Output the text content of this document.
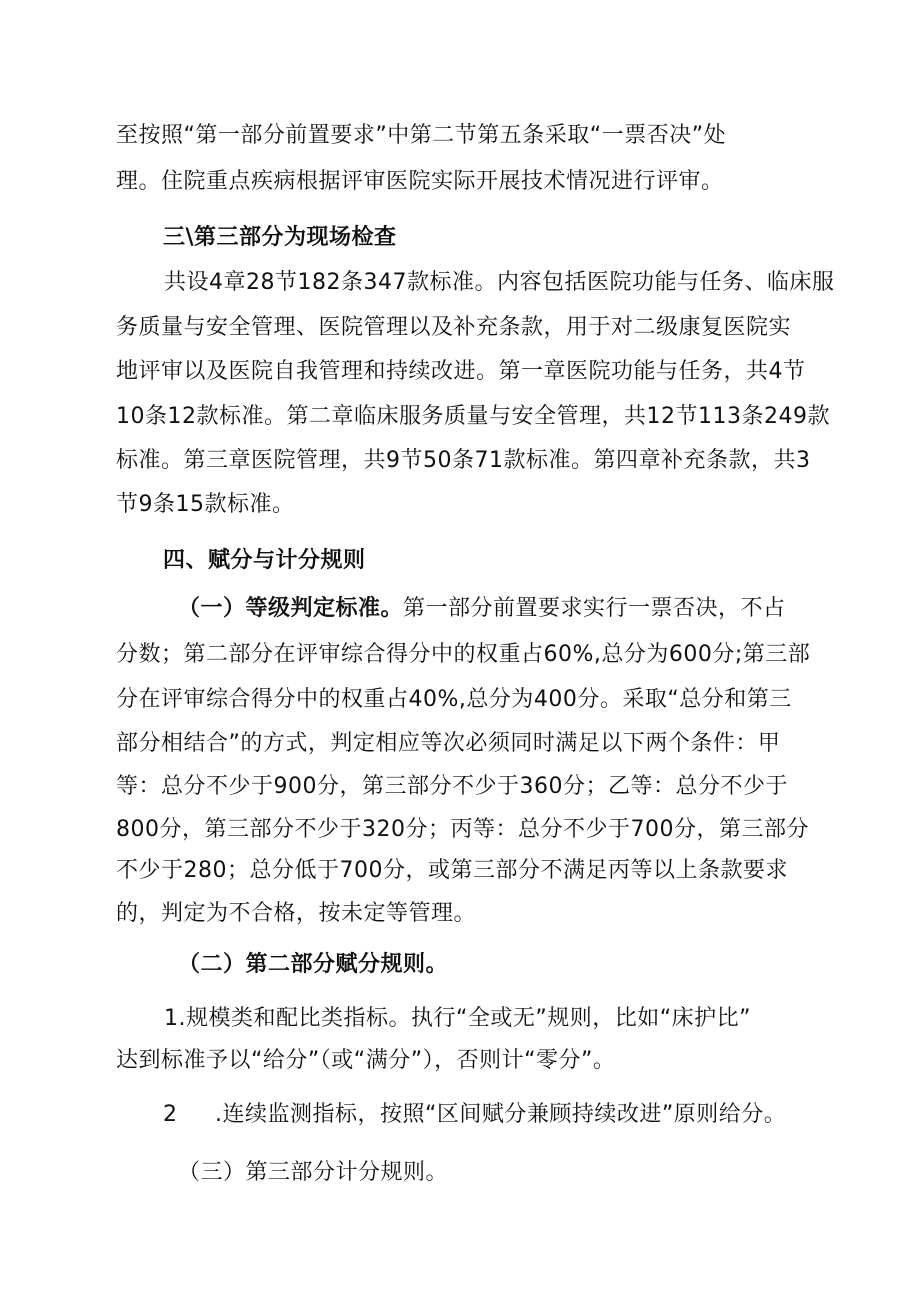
至按照“第一部分前置要求”中第二节第五条采取“一票否决”处
理。住院重点疾病根据评审医院实际开展技术情况进行评审。
三\第三部分为现场检查
共设4章28节182条347款标准。内容包括医院功能与任务、临床服
务质量与安全管理、医院管理以及补充条款，用于对二级康复医院实
地评审以及医院自我管理和持续改进。第一章医院功能与任务，共4节
10条12款标准。第二章临床服务质量与安全管理，共12节113条249款
标准。第三章医院管理，共9节50条71款标准。第四章补充条款，共3
节9条15款标准。
四、赋分与计分规则
（一）等级判定标准。第一部分前置要求实行一票否决，不占
分数；第二部分在评审综合得分中的权重占60%,总分为600分;第三部
分在评审综合得分中的权重占40%,总分为400分。采取“总分和第三
部分相结合”的方式，判定相应等次必须同时满足以下两个条件：甲
等：总分不少于900分，第三部分不少于360分；乙等：总分不少于
800分，第三部分不少于320分；丙等：总分不少于700分，第三部分
不少于280；总分低于700分，或第三部分不满足丙等以上条款要求
的，判定为不合格，按未定等管理。
（二）第二部分赋分规则。
1.规模类和配比类指标。执行“全或无”规则，比如“床护比”
达到标准予以“给分”（或“满分”），否则计“零分”。
2 .连续监测指标，按照“区间赋分兼顾持续改进”原则给分。
（三）第三部分计分规则。
